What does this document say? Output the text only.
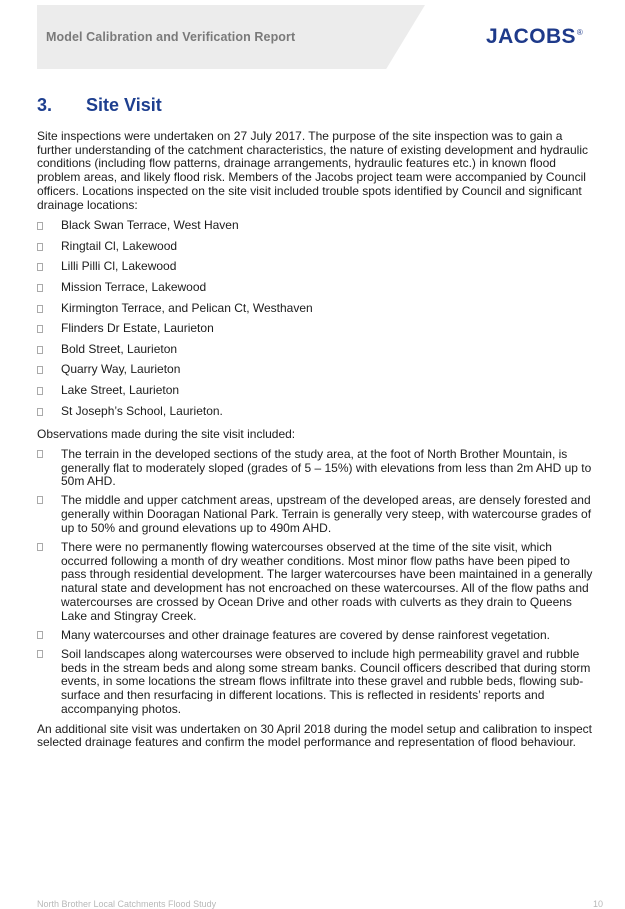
Model Calibration and Verification Report	JACOBS®
3. Site Visit

Site inspections were undertaken on 27 July 2017. The purpose of the site inspection was to gain a further understanding of the catchment characteristics, the nature of existing development and hydraulic conditions (including flow patterns, drainage arrangements, hydraulic features etc.) in known flood problem areas, and likely flood risk. Members of the Jacobs project team were accompanied by Council officers. Locations inspected on the site visit included trouble spots identified by Council and significant drainage locations:

Black Swan Terrace, West Haven
Ringtail Cl, Lakewood
Lilli Pilli Cl, Lakewood
Mission Terrace, Lakewood
Kirmington Terrace, and Pelican Ct, Westhaven
Flinders Dr Estate, Laurieton
Bold Street, Laurieton
Quarry Way, Laurieton
Lake Street, Laurieton
St Joseph’s School, Laurieton.

Observations made during the site visit included:

The terrain in the developed sections of the study area, at the foot of North Brother Mountain, is generally flat to moderately sloped (grades of 5 – 15%) with elevations from less than 2m AHD up to 50m AHD.
The middle and upper catchment areas, upstream of the developed areas, are densely forested and generally within Dooragan National Park. Terrain is generally very steep, with watercourse grades of up to 50% and ground elevations up to 490m AHD.
There were no permanently flowing watercourses observed at the time of the site visit, which occurred following a month of dry weather conditions. Most minor flow paths have been piped to pass through residential development. The larger watercourses have been maintained in a generally natural state and development has not encroached on these watercourses. All of the flow paths and watercourses are crossed by Ocean Drive and other roads with culverts as they drain to Queens Lake and Stingray Creek.
Many watercourses and other drainage features are covered by dense rainforest vegetation.
Soil landscapes along watercourses were observed to include high permeability gravel and rubble beds in the stream beds and along some stream banks. Council officers described that during storm events, in some locations the stream flows infiltrate into these gravel and rubble beds, flowing sub-surface and then resurfacing in different locations. This is reflected in residents’ reports and accompanying photos.

An additional site visit was undertaken on 30 April 2018 during the model setup and calibration to inspect selected drainage features and confirm the model performance and representation of flood behaviour.

North Brother Local Catchments Flood Study	10
